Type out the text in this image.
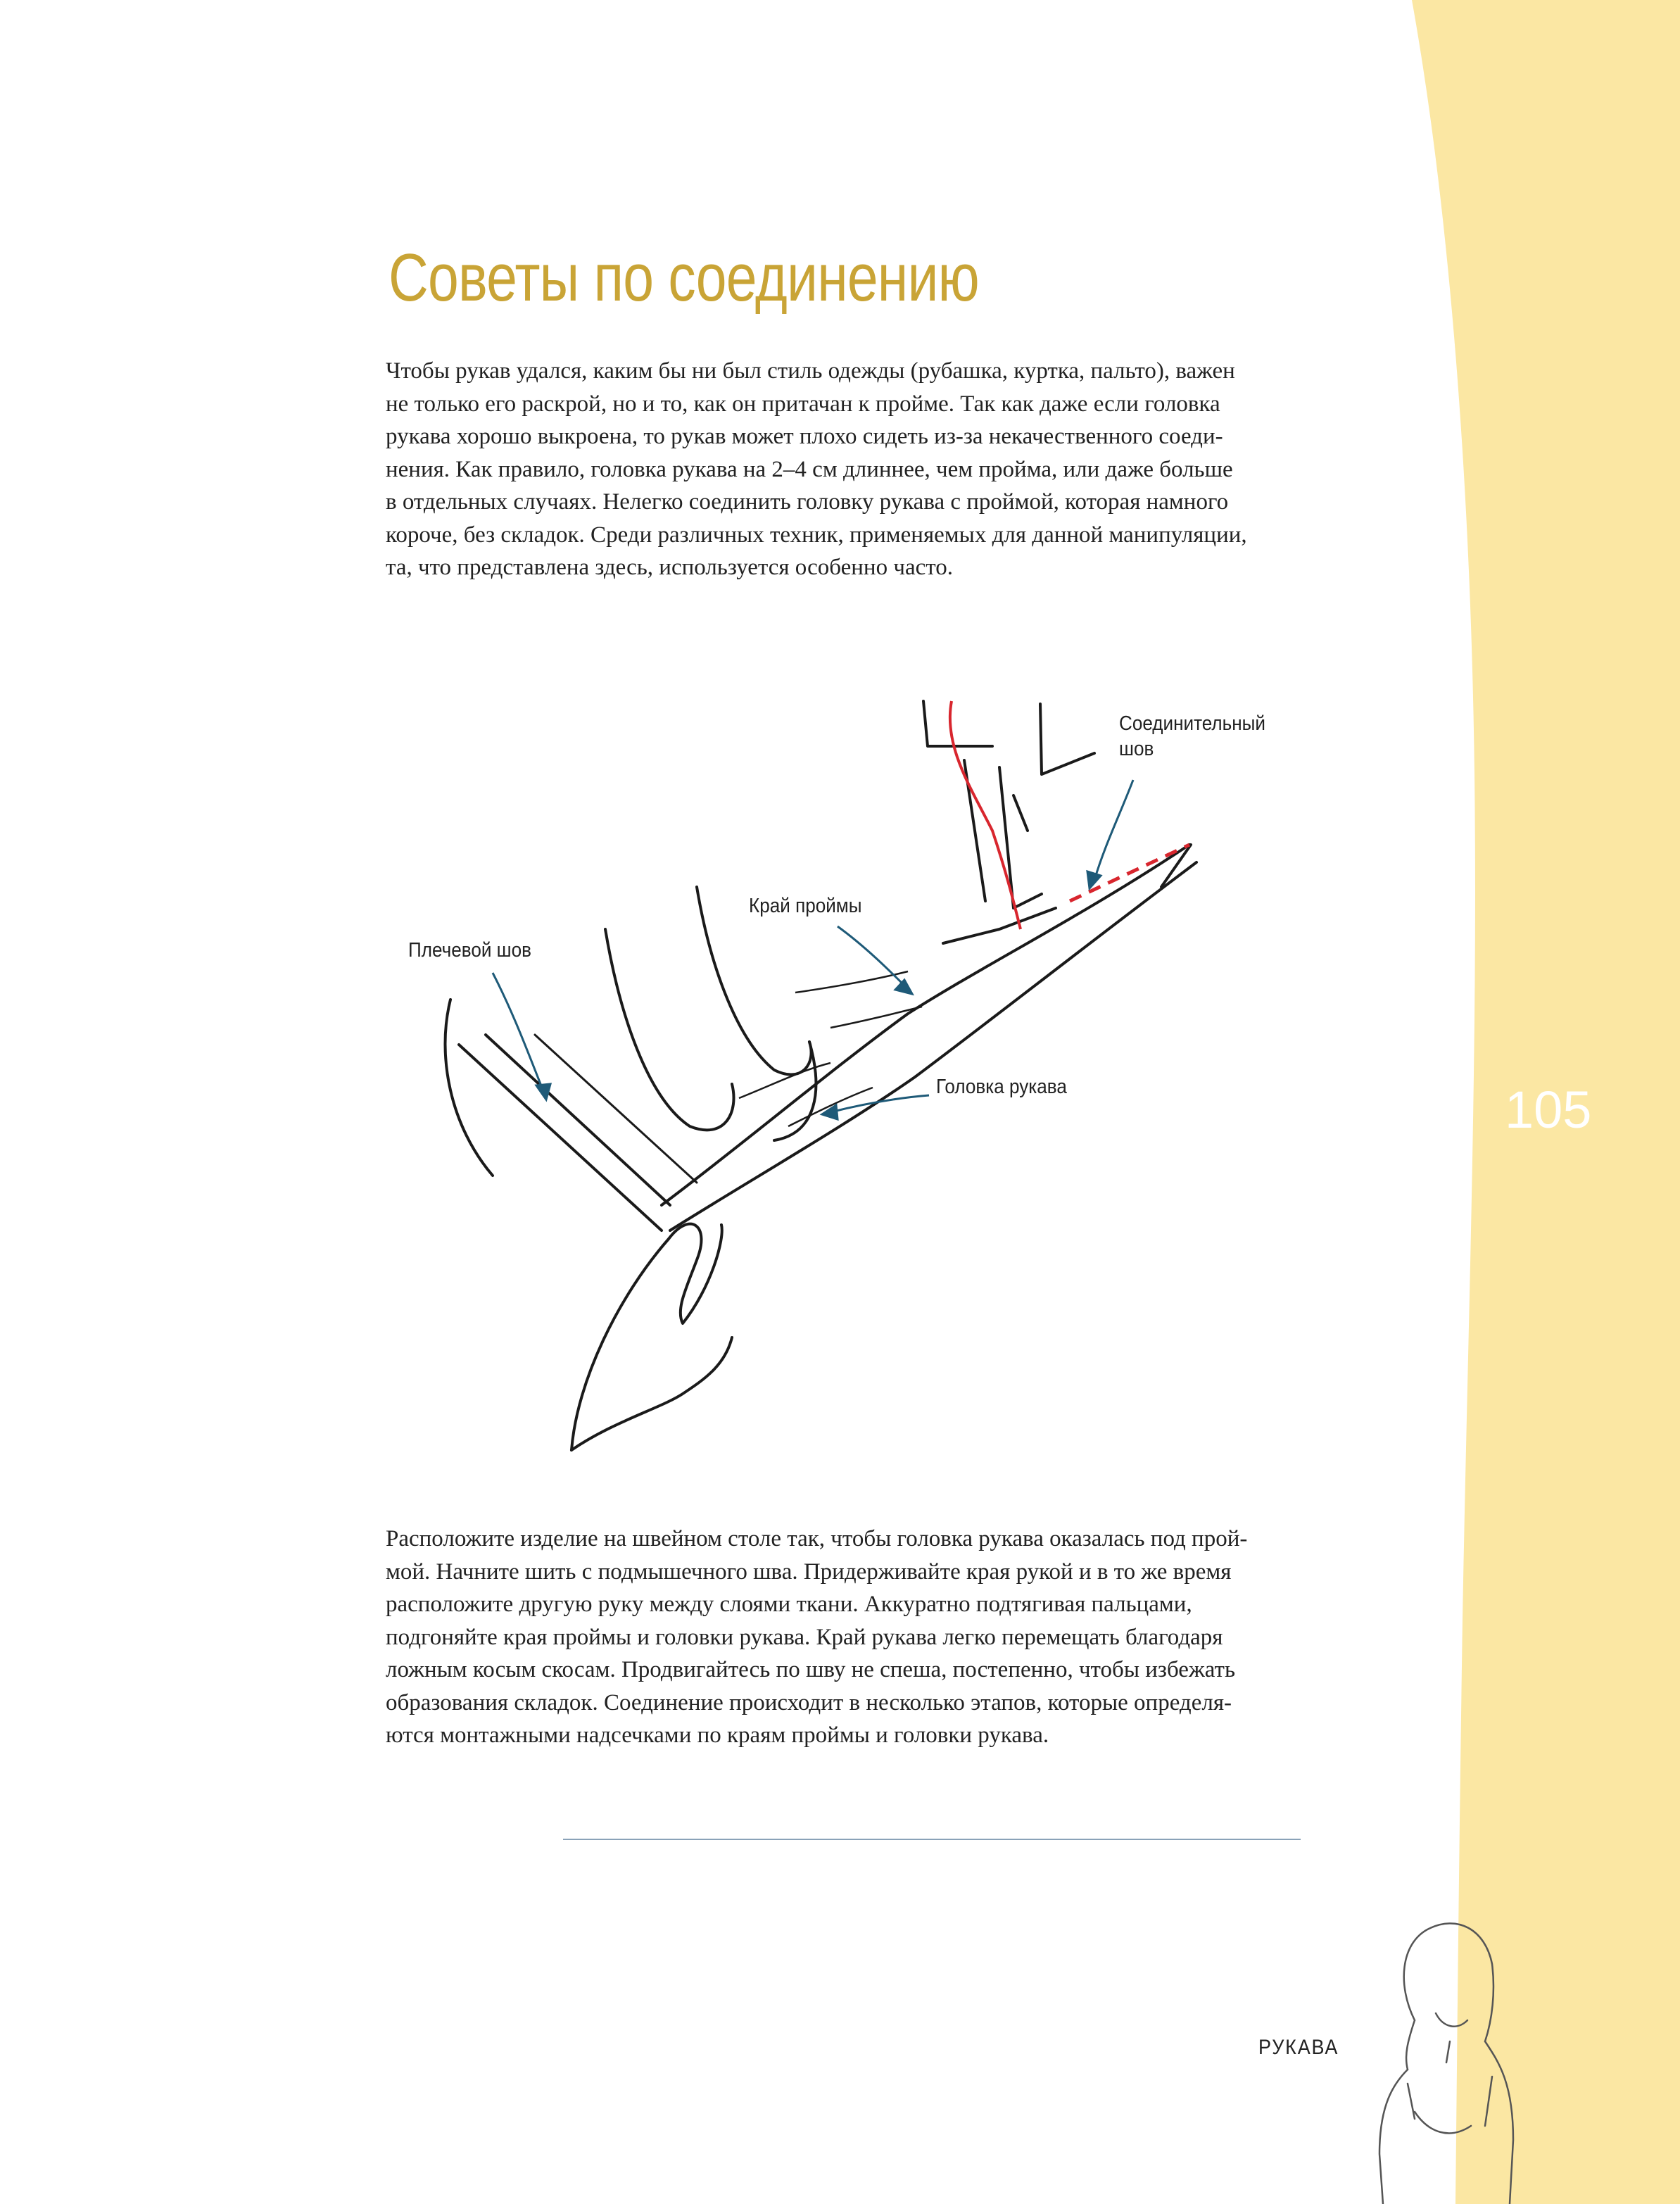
Советы по соединению
Чтобы рукав удался, каким бы ни был стиль одежды (рубашка, куртка, пальто), важен
не только его раскрой, но и то, как он притачан к пройме. Так как даже если головка
рукава хорошо выкроена, то рукав может плохо сидеть из-за некачественного соеди-
нения. Как правило, головка рукава на 2–4 см длиннее, чем пройма, или даже больше
в отдельных случаях. Нелегко соединить головку рукава с проймой, которая намного
короче, без складок. Среди различных техник, применяемых для данной манипуляции,
та, что представлена здесь, используется особенно часто.
Соединительный
шов
Край проймы
Плечевой шов
Головка рукава	105
Расположите изделие на швейном столе так, чтобы головка рукава оказалась под прой-
мой. Начните шить с подмышечного шва. Придерживайте края рукой и в то же время
расположите другую руку между слоями ткани. Аккуратно подтягивая пальцами,
подгоняйте края проймы и головки рукава. Край рукава легко перемещать благодаря
ложным косым скосам. Продвигайтесь по шву не спеша, постепенно, чтобы избежать
образования складок. Соединение происходит в несколько этапов, которые определя-
ются монтажными надсечками по краям проймы и головки рукава.
РУКАВА
